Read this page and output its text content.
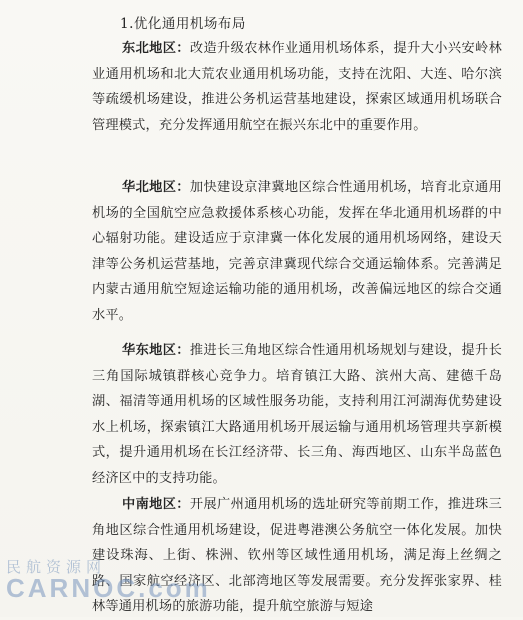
1.优化通用机场布局

东北地区：改造升级农林作业通用机场体系，提升大小兴安岭林业通用机场和北大荒农业通用机场功能，支持在沈阳、大连、哈尔滨等疏缓机场建设，推进公务机运营基地建设，探索区域通用机场联合管理模式，充分发挥通用航空在振兴东北中的重要作用。

华北地区：加快建设京津冀地区综合性通用机场，培育北京通用机场的全国航空应急救援体系核心功能，发挥在华北通用机场群的中心辐射功能。建设适应于京津冀一体化发展的通用机场网络，建设天津等公务机运营基地，完善京津冀现代综合交通运输体系。完善满足内蒙古通用航空短途运输功能的通用机场，改善偏远地区的综合交通水平。

华东地区：推进长三角地区综合性通用机场规划与建设，提升长三角国际城镇群核心竞争力。培育镇江大路、滨州大高、建德千岛湖、福清等通用机场的区域性服务功能，支持利用江河湖海优势建设水上机场，探索镇江大路通用机场开展运输与通用机场管理共享新模式，提升通用机场在长江经济带、长三角、海西地区、山东半岛蓝色经济区中的支持功能。

中南地区：开展广州通用机场的选址研究等前期工作，推进珠三角地区综合性通用机场建设，促进粤港澳公务航空一体化发展。加快建设珠海、上街、株洲、钦州等区域性通用机场，满足海上丝绸之路、国家航空经济区、北部湾地区等发展需要。充分发挥张家界、桂林等通用机场的旅游功能，提升航空旅游与短途

民航资源网
CARNOC.com
